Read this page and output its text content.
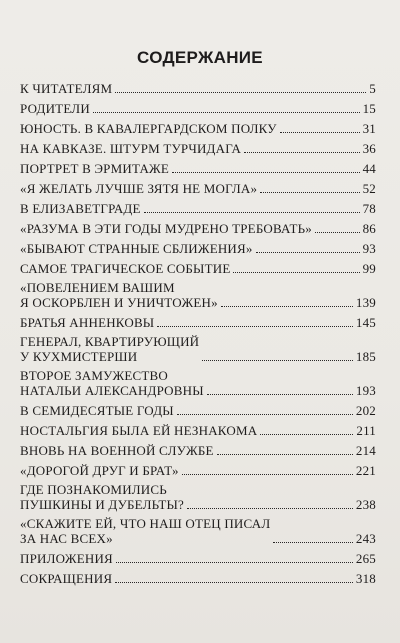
СОДЕРЖАНИЕ
К ЧИТАТЕЛЯМ	5
РОДИТЕЛИ	15
ЮНОСТЬ. В КАВАЛЕРГАРДСКОМ ПОЛКУ	31
НА КАВКАЗЕ. ШТУРМ ТУРЧИДАГА	36
ПОРТРЕТ В ЭРМИТАЖЕ	44
«Я ЖЕЛАТЬ ЛУЧШЕ ЗЯТЯ НЕ МОГЛА»	52
В ЕЛИЗАВЕТГРАДЕ	78
«РАЗУМА В ЭТИ ГОДЫ МУДРЕНО ТРЕБОВАТЬ»	86
«БЫВАЮТ СТРАННЫЕ СБЛИЖЕНИЯ»	93
САМОЕ ТРАГИЧЕСКОЕ СОБЫТИЕ	99
«ПОВЕЛЕНИЕМ ВАШИМ
Я ОСКОРБЛЕН И УНИЧТОЖЕН»	139
БРАТЬЯ АННЕНКОВЫ	145
ГЕНЕРАЛ, КВАРТИРУЮЩИЙ
У КУХМИСТЕРШИ	185
ВТОРОЕ ЗАМУЖЕСТВО
НАТАЛЬИ АЛЕКСАНДРОВНЫ	193
В СЕМИДЕСЯТЫЕ ГОДЫ	202
НОСТАЛЬГИЯ БЫЛА ЕЙ НЕЗНАКОМА	211
ВНОВЬ НА ВОЕННОЙ СЛУЖБЕ	214
«ДОРОГОЙ ДРУГ И БРАТ»	221
ГДЕ ПОЗНАКОМИЛИСЬ
ПУШКИНЫ И ДУБЕЛЬТЫ?	238
«СКАЖИТЕ ЕЙ, ЧТО НАШ ОТЕЦ ПИСАЛ
ЗА НАС ВСЕХ»	243
ПРИЛОЖЕНИЯ	265
СОКРАЩЕНИЯ	318
